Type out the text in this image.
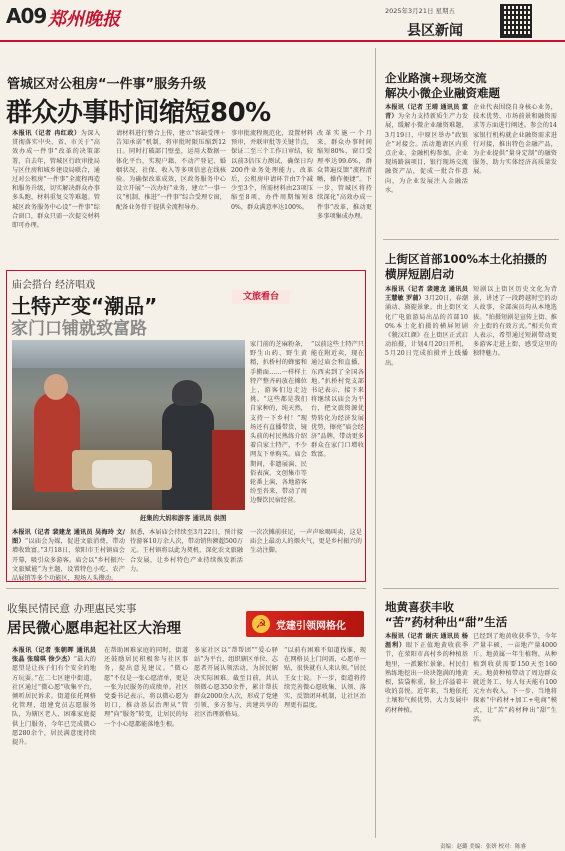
A09 郑州晚报	2025年3月21日 星期五
县区新闻
管城区对公租房“一件事”服务升级
群众办事时间缩短80%
本报讯（记者 冉红政）为深入贯彻落实中央、省、市关于“高效办成一件事”改革的决策部署，自去年，管城区行政审批局与区住房和城乡建设局联合，通过对公租房“一件事”全流程再造和服务升级，切实解决群众办事多头跑、材料重复交等难题。管城区政务服务中心设“一件事”综合窗口，群众只需一次提交材料即可办理。
请材料进行整合上传，建立“容缺受理＋告知承诺”机制，将审批时限压缩到12日。同时打破部门壁垒，运用大数据一体化平台，实现户籍、不动产登记、婚姻状况、社保、收入等多项信息在线核验。为确保改革成效，区政务服务中心设立开展“一次办好”业务，建立“一事一议”机制，推进“一件事”综合受理专窗，配备业务骨干提供全流程导办。
事审批流程规范化，设置材料预审，并联审批等关键节点，保证二至三个工作日审结，较以前3倍压力测试，确保日均200件业务处理能力。改革后，公租房申请环节由7个减少至3个，所需材料由23项压缩至8项，办件周期缩短80%，群众满意率达100%。
改革实施一个月来，群众办事时间缩短80%，窗口受理率达99.6%，群众普遍反馈“流程清晰，操作便捷”。下一步，管城区将持续深化“高效办成一件事”改革，推动更多事项集成办理。
庙会搭台 经济唱戏
土特产变“潮品”
家门口铺就致富路
文旅看台
赶集的大妈和游客 通讯员 供图
家门前的芝麻粉条，野生山药、野生黄精，扒桥村的蜂蜜和手擀面……一样样土特产整齐码放在摊位上，游客们边走边挑。“这些都是我们自家种的，纯天然，支持一下乡村！”现场还有直播带货，镜头前的村民熟练介绍着自家土特产，不少网友下单购买。庙会期间，非遗展演、民俗表演、文创集市等轮番上演，各地游客纷至沓来，带动了周边餐饮民宿经营。
“以前这些土特产只能在附近卖，现在通过庙会和直播，东西卖到了全国各地。”扒桥村党支部书记表示，接下来将继续以庙会为平台，把文旅资源优势转化为经济发展优势，擦亮“庙会经济”品牌，带动更多群众在家门口增收致富。
本报讯（记者 裴建龙 通讯员 吴海玲 文/图）“以庙会为媒，促进文旅消费，带动增收致富。”3月18日，荥阳市王村镇庙会开幕，吸引众多游客。庙会以“乡村振兴·文旅赋能”为主题，设置特色小吃、农产品展销等多个功能区，现场人头攒动。
据悉，本届庙会持续至3月22日，预计接待游客10万余人次，带动销售额超500万元。王村镇将以此为契机，深化农文旅融合发展，让乡村特色产业持续焕发新活力。
一次次摊前驻足，一声声吆喝叫卖，这是庙会上最动人的烟火气，更是乡村振兴的生动注脚。
收集民情民意 办理惠民实事
居民微心愿串起社区大治理	☭ 党建引领网格化
本报讯（记者 张朝晖 通讯员 张晶 张瑞琪 徐少杰）“最大的愿望是让孩子们有个安全的地方玩耍。”在二七区建中街道，社区通过“微心愿”收集平台，倾听居民诉求。街道依托网格化管理，组建党员志愿服务队，为辖区老人、困难家庭提供上门服务，今年已完成微心愿280余个，居民满意度持续提升。
在帮助困难家庭的同时，街道还鼓励居民积极参与社区事务，提出意见建议。“微心愿”不仅是一张心愿清单，更是一张为民服务的成绩单。社区党委书记表示，将以微心愿为切口，推动基层治理从“管理”向“服务”转变，让居民的每一个小心愿都能落地生根。
多家社区以“帮帮团”“爱心驿站”为平台，组织辖区单位、志愿者开展认领活动，为居民解决实际困难。截至目前，共认领微心愿350余件，累计帮扶群众2000余人次，形成了党建引领、多方参与、共建共享的社区治理新格局。
“以前有困难不知道找谁，现在网格员上门问需，心愿单一贴，很快就有人来认领。”居民王女士说。下一步，街道将持续完善微心愿收集、认领、落实、反馈闭环机制，让社区治理更有温度。
企业路演+现场交流
解决小微企业融资难题
本报讯（记者 王靖 通讯员 董青）为全力支持新质生产力发展，缓解小微企业融资难题，3月19日，中原区举办“政银企”对接会。活动邀请区内重点企业、金融机构参加，企业现场路演项目，银行现场交流融资产品，促成一批合作意向，为企业发展注入金融活水。
企业代表围绕自身核心业务，技术优势、市场前景和融资需求等方面进行阐述。参会的14家银行机构就企业融资需求进行对接，推出特色金融产品，为企业提供“量身定制”的融资服务，助力实体经济高质量发展。
上街区首部100%本土化拍摄的
横屏短剧启动
本报讯（记者 裴建龙 通讯员 王慧敏 罗蒲）3月20日，春潮涌动、旖旎景象。由上街区文化广电旅游局出品的首部100%本土化拍摄的横屏短剧《虢汉红颜》在上街区正式启动拍摄，计划4月20日开机，5月20日完成拍摄并上线播出。
短剧以上街区历史文化为背景，讲述了一段跨越时空的动人故事，全部演员均从本地选拔。“拍摄短剧是宣传上街、推介上街的有效方式。”相关负责人表示，希望通过短剧带动更多游客走进上街，感受这里的独特魅力。
地黄喜获丰收
“苦”药材种出“甜”生活
本报讯（记者 谢庆 通讯员 杨涯利）眼下正值地黄收获季节，在荥阳市高村乡的种植基地里，一派繁忙景象。村民们熟练地挖出一块块饱满的地黄根，装袋称重，脸上洋溢着丰收的喜悦。近年来，当地依托土壤和气候优势，大力发展中药材种植。
已经到了地黄收获季节，今年产量丰硕，一亩地产量4000斤。地黄属一年生植物，从种植到收获需要150天至160天。地黄种植带动了周边群众就近务工，每人每天能有100元左右收入。下一步，当地将探索“中药材+加工+电商”模式，让“苦”药材种出“甜”生活。
责编：赵璐 美编：张妍 校对：陈睿
